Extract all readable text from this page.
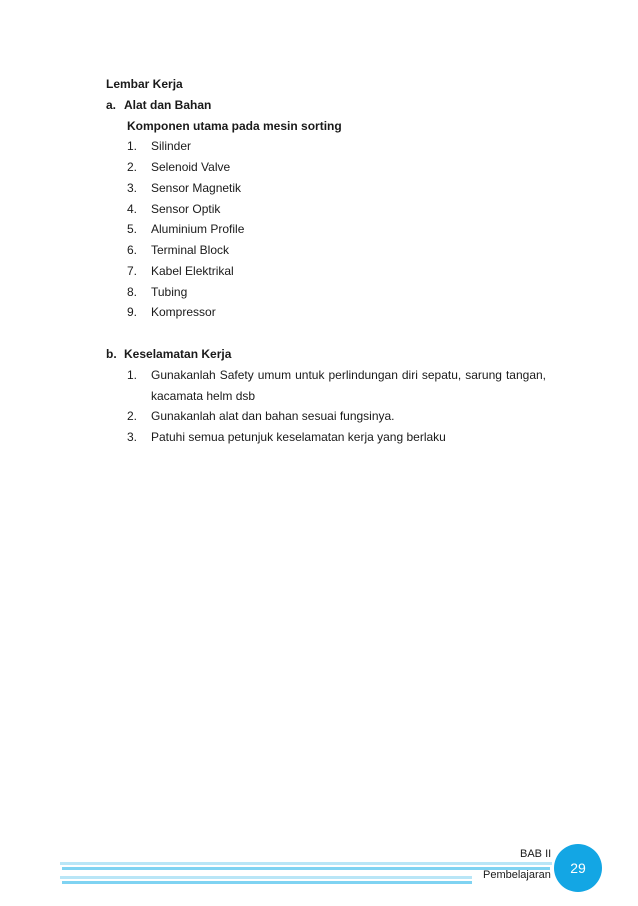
Lembar Kerja
a. Alat dan Bahan
Komponen utama pada mesin sorting
1. Silinder
2. Selenoid Valve
3. Sensor Magnetik
4. Sensor Optik
5. Aluminium Profile
6. Terminal Block
7. Kabel Elektrikal
8. Tubing
9. Kompressor
b. Keselamatan Kerja
1. Gunakanlah Safety umum untuk perlindungan diri sepatu, sarung tangan,
kacamata helm dsb
2. Gunakanlah alat dan bahan sesuai fungsinya.
3. Patuhi semua petunjuk keselamatan kerja yang berlaku
BAB II
Pembelajaran	29
